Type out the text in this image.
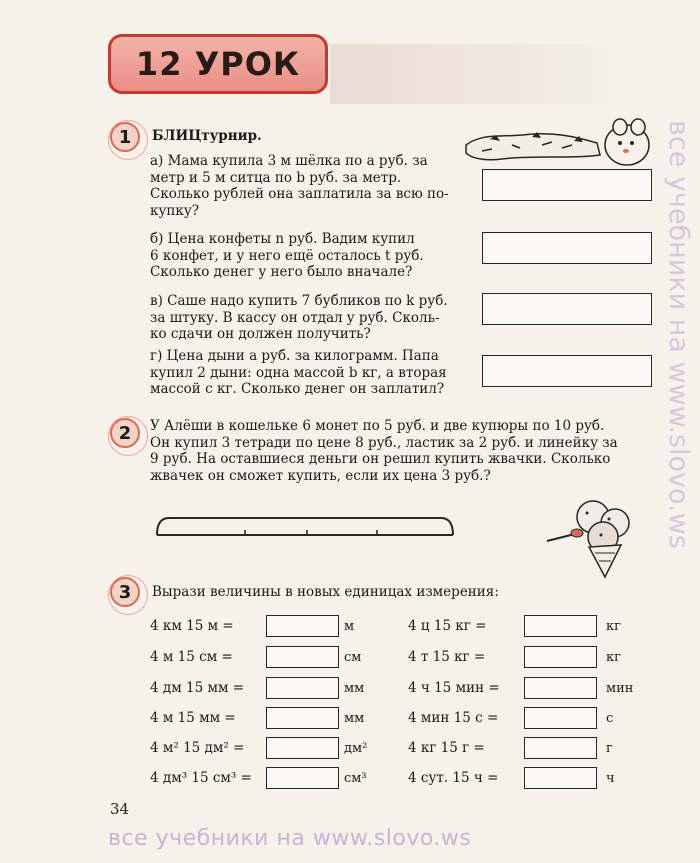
12 УРОК
1	БЛИЦтурнир.
а) Мама купила 3 м шёлка по a руб. за
метр и 5 м ситца по b руб. за метр.
Сколько рублей она заплатила за всю по-
купку?
б) Цена конфеты n руб. Вадим купил
6 конфет, и у него ещё осталось t руб.
Сколько денег у него было вначале?
в) Саше надо купить 7 бубликов по k руб.
за штуку. В кассу он отдал y руб. Сколь-
ко сдачи он должен получить?
г) Цена дыни a руб. за килограмм. Папа
купил 2 дыни: одна массой b кг, а вторая
массой c кг. Сколько денег он заплатил?
2	У Алёши в кошельке 6 монет по 5 руб. и две купюры по 10 руб.
Он купил 3 тетради по цене 8 руб., ластик за 2 руб. и линейку за
9 руб. На оставшиеся деньги он решил купить жвачки. Сколько
жвачек он сможет купить, если их цена 3 руб.?
3	Вырази величины в новых единицах измерения:
4 км 15 м =	м
4 м 15 см =	см
4 дм 15 мм =	мм
4 м 15 мм =	мм
4 м² 15 дм² =	дм²
4 дм³ 15 см³ =	см³
4 ц 15 кг =	кг
4 т 15 кг =	кг
4 ч 15 мин =	мин
4 мин 15 с =	с
4 кг 15 г =	г
4 сут. 15 ч =	ч
34
все учебники на www.slovo.ws
все учебники на www.slovo.ws
